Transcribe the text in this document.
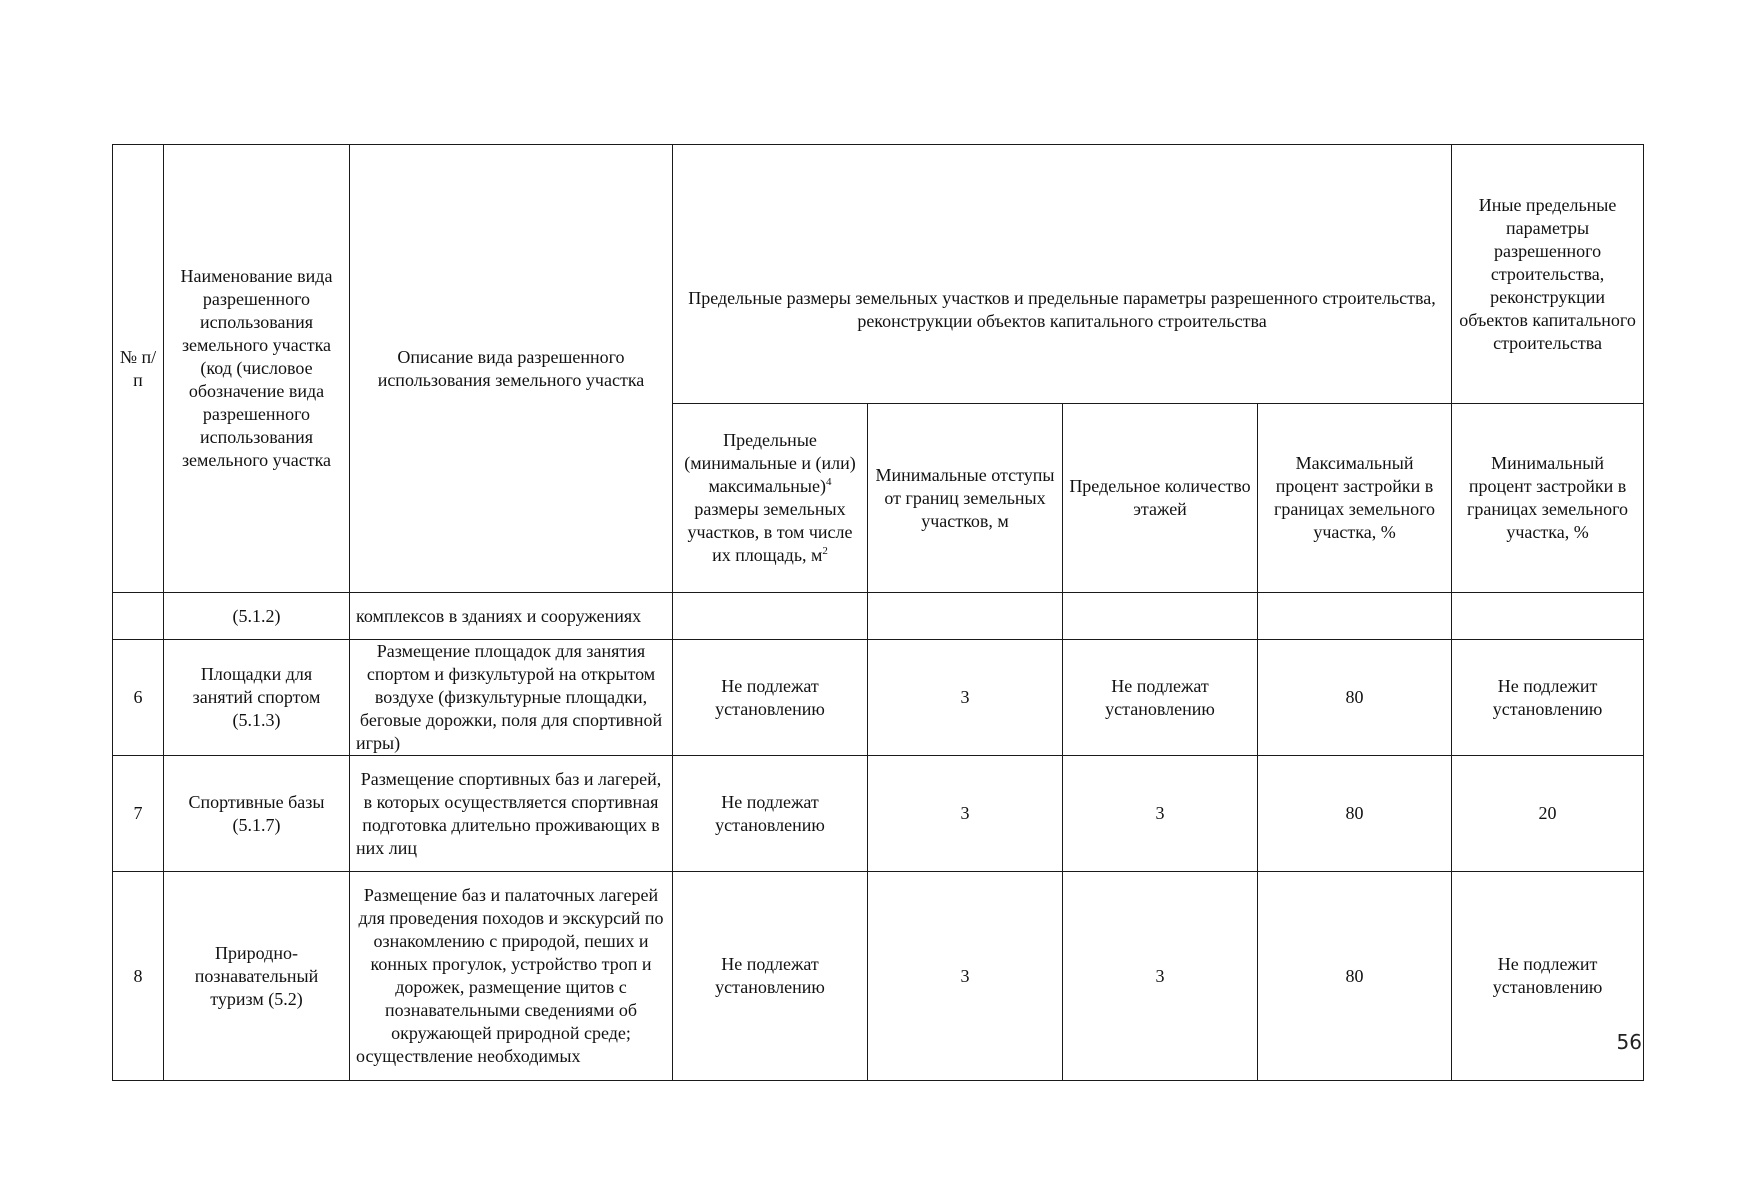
№ п/п	Наименование вида разрешенного использования земельного участка (код (числовое обозначение вида разрешенного использования земельного участка	Описание вида разрешенного использования земельного участка	Предельные размеры земельных участков и предельные параметры разрешенного строительства, реконструкции объектов капитального строительства				Иные предельные параметры разрешенного строительства, реконструкции объектов капитального строительства
			Предельные (минимальные и (или) максимальные)$^4$ размеры земельных участков, в том числе их площадь, $м^2$	Минимальные отступы от границ земельных участков, м	Предельное количество этажей	Максимальный процент застройки в границах земельного участка, %	Минимальный процент застройки в границах земельного участка, %
	(5.1.2)	комплексов в зданиях и сооружениях					
6	Площадки для занятий спортом (5.1.3)	Размещение площадок для занятия спортом и физкультурой на открытом воздухе (физкультурные площадки, беговые дорожки, поля для спортивной игры)	Не подлежат установлению	3	Не подлежат установлению	80	Не подлежит установлению
7	Спортивные базы (5.1.7)	Размещение спортивных баз и лагерей, в которых осуществляется спортивная подготовка длительно проживающих в них лиц	Не подлежат установлению	3	3	80	20
8	Природно-познавательный туризм (5.2)	Размещение баз и палаточных лагерей для проведения походов и экскурсий по ознакомлению с природой, пеших и конных прогулок, устройство троп и дорожек, размещение щитов с познавательными сведениями об окружающей природной среде; осуществление необходимых	Не подлежат установлению	3	3	80	Не подлежит установлению
56
